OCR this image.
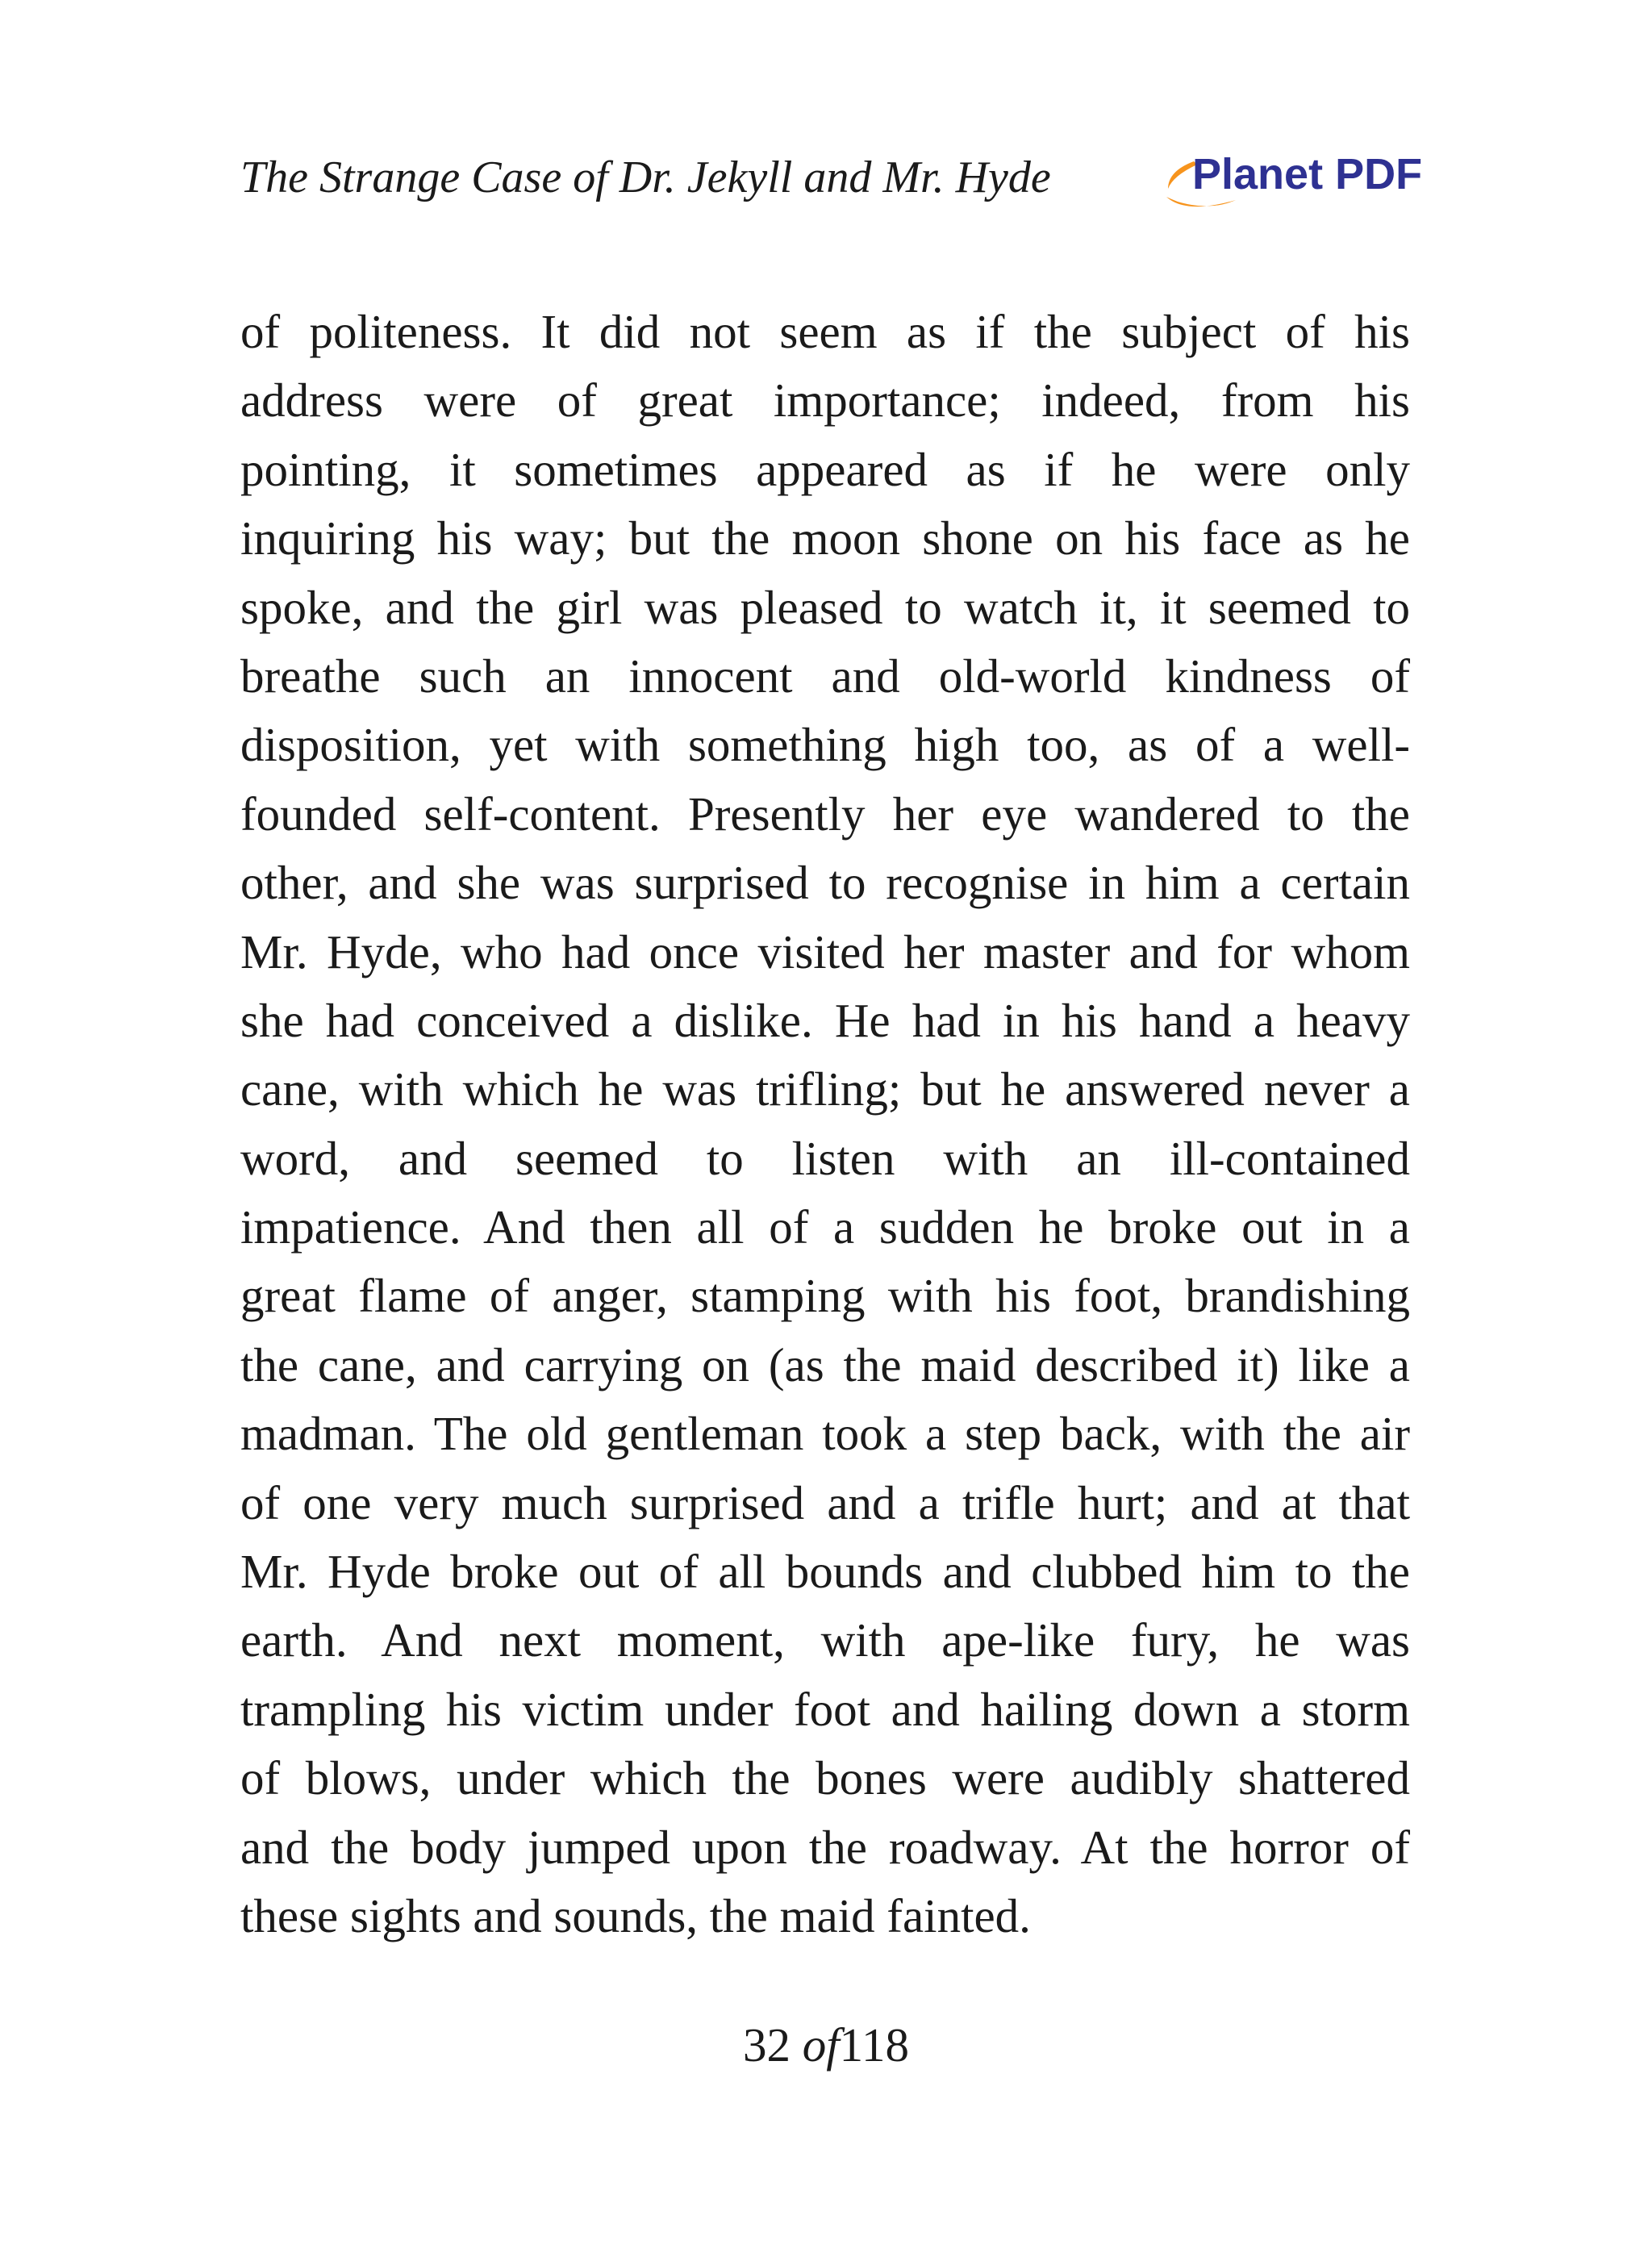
The Strange Case of Dr. Jekyll and Mr. Hyde	Planet PDF
of politeness. It did not seem as if the subject of his
address were of great importance; indeed, from his
pointing, it sometimes appeared as if he were only
inquiring his way; but the moon shone on his face as he
spoke, and the girl was pleased to watch it, it seemed to
breathe such an innocent and old-world kindness of
disposition, yet with something high too, as of a well-
founded self-content. Presently her eye wandered to the
other, and she was surprised to recognise in him a certain
Mr. Hyde, who had once visited her master and for whom
she had conceived a dislike. He had in his hand a heavy
cane, with which he was trifling; but he answered never a
word, and seemed to listen with an ill-contained
impatience. And then all of a sudden he broke out in a
great flame of anger, stamping with his foot, brandishing
the cane, and carrying on (as the maid described it) like a
madman. The old gentleman took a step back, with the air
of one very much surprised and a trifle hurt; and at that
Mr. Hyde broke out of all bounds and clubbed him to the
earth. And next moment, with ape-like fury, he was
trampling his victim under foot and hailing down a storm
of blows, under which the bones were audibly shattered
and the body jumped upon the roadway. At the horror of
these sights and sounds, the maid fainted.
32 of118
